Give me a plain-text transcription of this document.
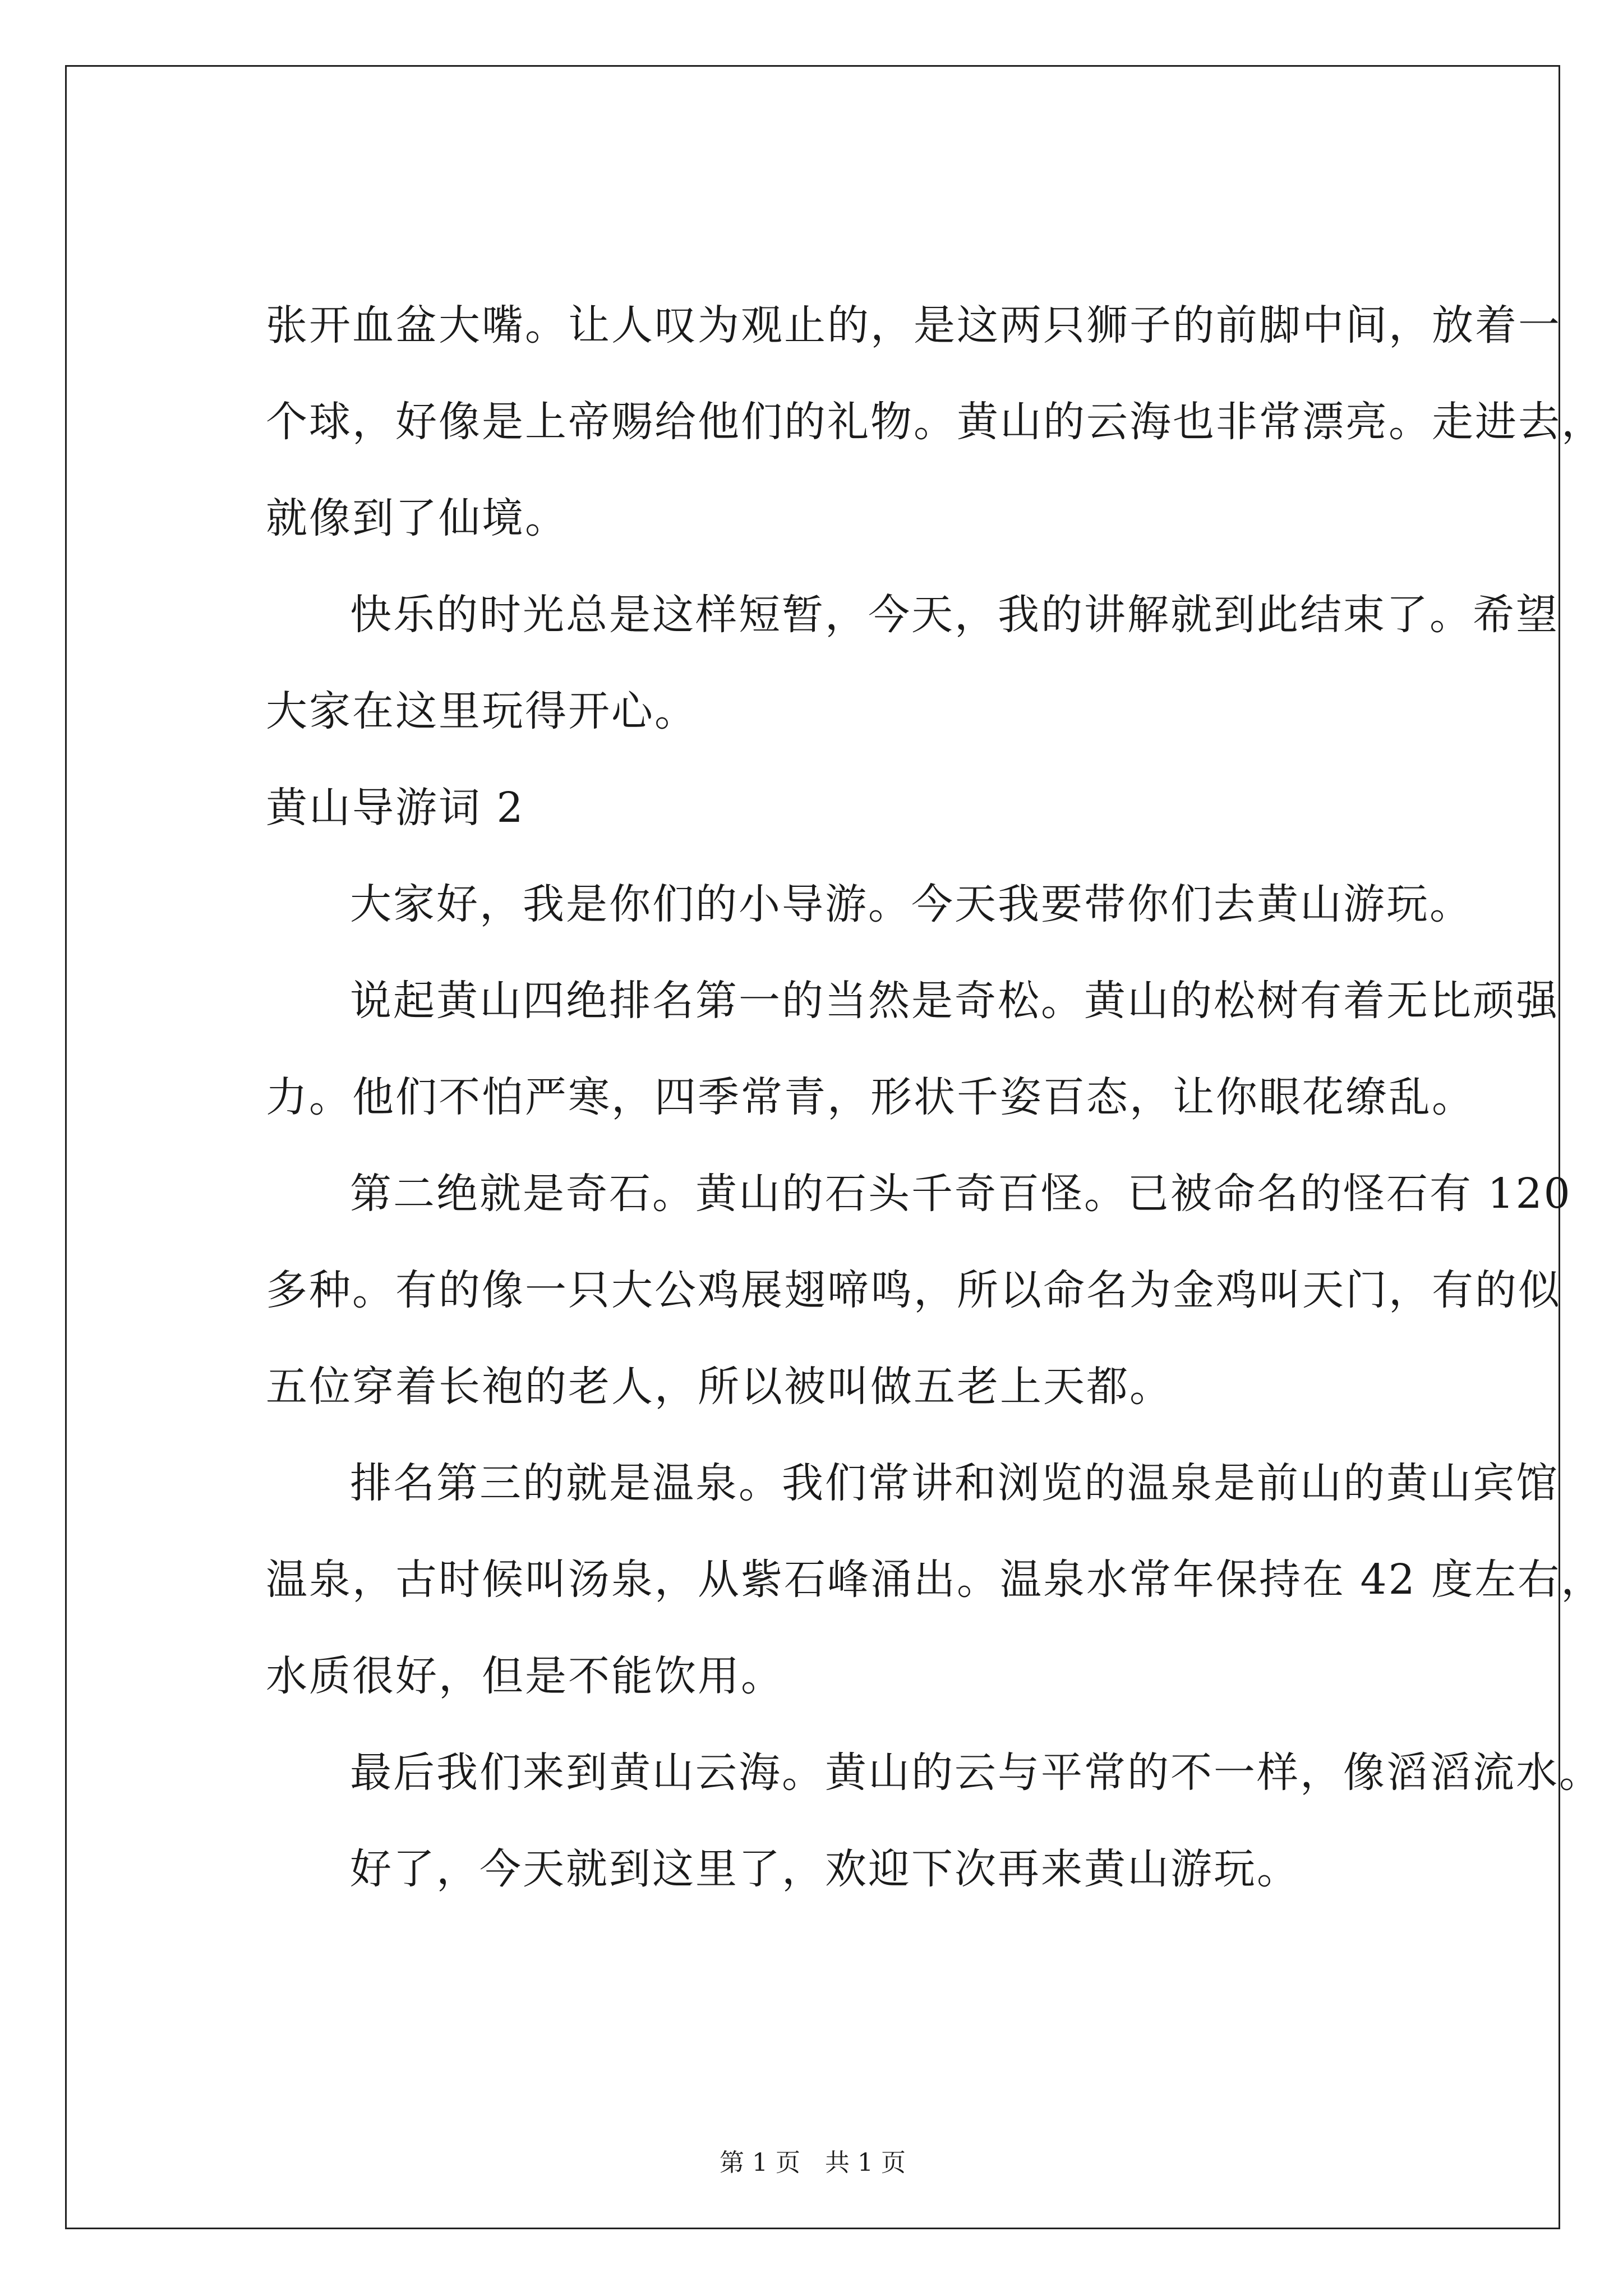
张开血盆大嘴。让人叹为观止的，是这两只狮子的前脚中间，放着一
个球，好像是上帝赐给他们的礼物。黄山的云海也非常漂亮。走进去，
就像到了仙境。
快乐的时光总是这样短暂，今天，我的讲解就到此结束了。希望
大家在这里玩得开心。
黄山导游词 2
大家好，我是你们的小导游。今天我要带你们去黄山游玩。
说起黄山四绝排名第一的当然是奇松。黄山的松树有着无比顽强
力。他们不怕严寒，四季常青，形状千姿百态，让你眼花缭乱。
第二绝就是奇石。黄山的石头千奇百怪。已被命名的怪石有 120
多种。有的像一只大公鸡展翅啼鸣，所以命名为金鸡叫天门，有的似
五位穿着长袍的老人，所以被叫做五老上天都。
排名第三的就是温泉。我们常讲和浏览的温泉是前山的黄山宾馆
温泉，古时候叫汤泉，从紫石峰涌出。温泉水常年保持在 42 度左右，
水质很好，但是不能饮用。
最后我们来到黄山云海。黄山的云与平常的不一样，像滔滔流水。
好了，今天就到这里了，欢迎下次再来黄山游玩。
第 1 页　共 1 页
